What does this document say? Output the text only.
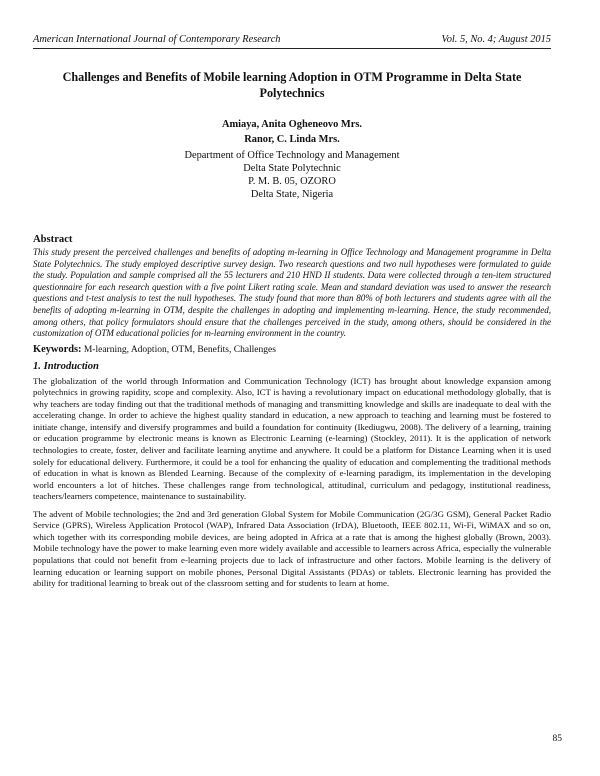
American International Journal of Contemporary Research	Vol. 5, No. 4; August 2015
Challenges and Benefits of Mobile learning Adoption in OTM Programme in Delta State Polytechnics
Amiaya, Anita Ogheneovo Mrs.
Ranor, C. Linda Mrs.
Department of Office Technology and Management
Delta State Polytechnic
P. M. B. 05, OZORO
Delta State, Nigeria
Abstract
This study present the perceived challenges and benefits of adopting m-learning in Office Technology and Management programme in Delta State Polytechnics. The study employed descriptive survey design. Two research questions and two null hypotheses were formulated to guide the study. Population and sample comprised all the 55 lecturers and 210 HND II students. Data were collected through a ten-item structured questionnaire for each research question with a five point Likert rating scale. Mean and standard deviation was used to answer the research questions and t-test analysis to test the null hypotheses. The study found that more than 80% of both lecturers and students agree with all the benefits of adopting m-learning in OTM, despite the challenges in adopting and implementing m-learning. Hence, the study recommended, among others, that policy formulators should ensure that the challenges perceived in the study, among others, should be considered in the customization of OTM educational policies for m-learning environment in the country.
Keywords: M-learning, Adoption, OTM, Benefits, Challenges
1. Introduction

The globalization of the world through Information and Communication Technology (ICT) has brought about knowledge expansion among polytechnics in growing rapidity, scope and complexity. Also, ICT is having a revolutionary impact on educational methodology globally, that is why teachers are today finding out that the traditional methods of managing and transmitting knowledge and skills are inadequate to deal with the accelerating change. In order to achieve the highest quality standard in education, a new approach to teaching and learning must be fostered to initiate change, intensify and diversify programmes and build a foundation for continuity (Ikediugwu, 2008). The delivery of a learning, training or education programme by electronic means is known as Electronic Learning (e-learning) (Stockley, 2011). It is the application of network technologies to create, foster, deliver and facilitate learning anytime and anywhere. It could be a platform for Distance Learning when it is used solely for educational delivery. Furthermore, it could be a tool for enhancing the quality of education and complementing the traditional methods of education in what is known as Blended Learning. Because of the complexity of e-learning paradigm, its implementation in the developing world encounters a lot of hitches. These challenges range from technological, attitudinal, curriculum and pedagogy, institutional readiness, teachers/learners competence, maintenance to sustainability.

The advent of Mobile technologies; the 2nd and 3rd generation Global System for Mobile Communication (2G/3G GSM), General Packet Radio Service (GPRS), Wireless Application Protocol (WAP), Infrared Data Association (IrDA), Bluetooth, IEEE 802.11, Wi-Fi, WiMAX and so on, which together with its corresponding mobile devices, are being adopted in Africa at a rate that is among the highest globally (Brown, 2003). Mobile technology have the power to make learning even more widely available and accessible to learners across Africa, especially the vulnerable populations that could not benefit from e-learning projects due to lack of infrastructure and other factors. Mobile learning is the delivery of learning education or learning support on mobile phones, Personal Digital Assistants (PDAs) or tablets. Electronic learning has provided the ability for traditional learning to break out of the classroom setting and for students to learn at home.

85
